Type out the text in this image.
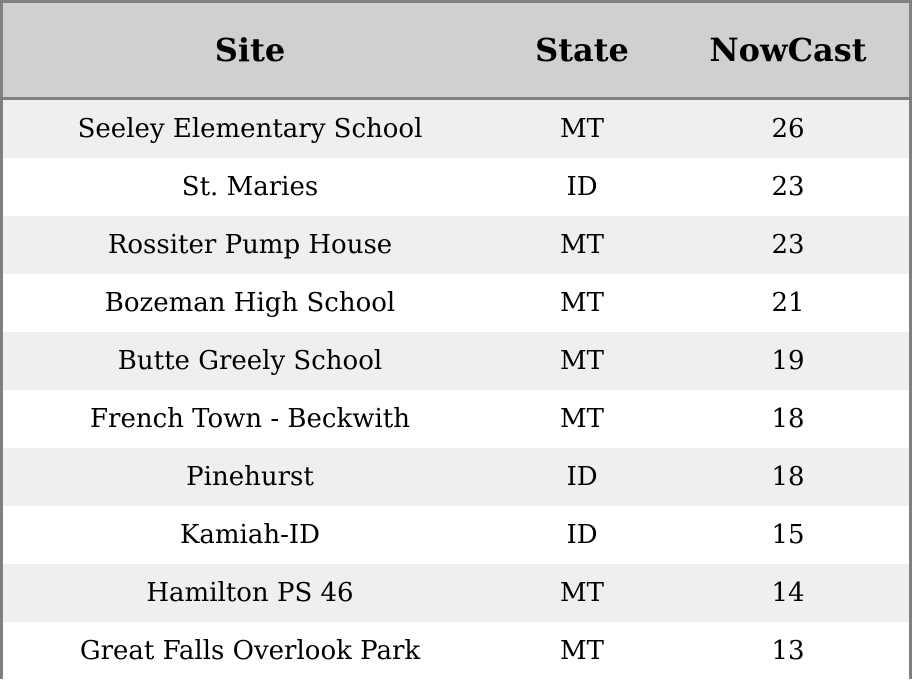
Site	State	NowCast
Seeley Elementary School	MT	26
St. Maries	ID	23
Rossiter Pump House	MT	23
Bozeman High School	MT	21
Butte Greely School	MT	19
French Town - Beckwith	MT	18
Pinehurst	ID	18
Kamiah-ID	ID	15
Hamilton PS 46	MT	14
Great Falls Overlook Park	MT	13
